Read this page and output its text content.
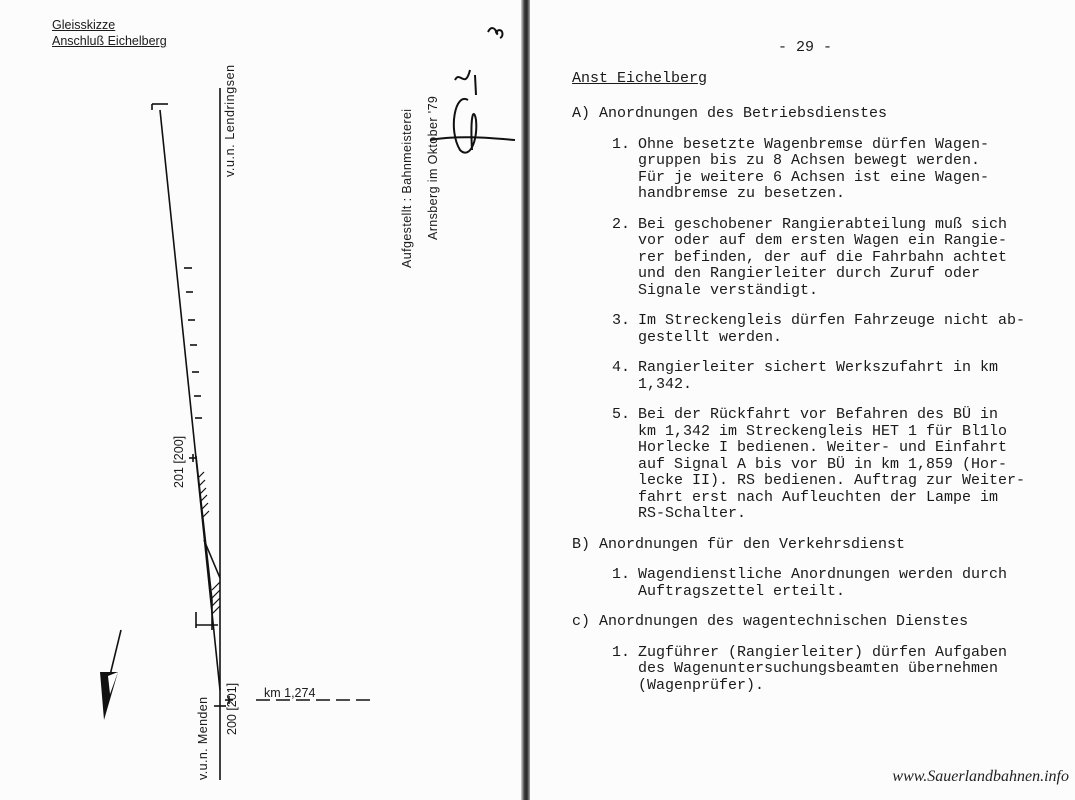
Gleisskizze
Anschluß Eichelberg
v.u.n. Lendringsen
v.u.n. Menden
201 [200]
200 [201] km 1,274
Aufgestellt : Bahnmeisterei Arnsberg im Oktober '79
- 29 -
Anst Eichelberg
A) Anordnungen des Betriebsdienstes
1. Ohne besetzte Wagenbremse dürfen Wagen-
gruppen bis zu 8 Achsen bewegt werden.
Für je weitere 6 Achsen ist eine Wagen-
handbremse zu besetzen.
2. Bei geschobener Rangierabteilung muß sich
vor oder auf dem ersten Wagen ein Rangie-
rer befinden, der auf die Fahrbahn achtet
und den Rangierleiter durch Zuruf oder
Signale verständigt.
3. Im Streckengleis dürfen Fahrzeuge nicht ab-
gestellt werden.
4. Rangierleiter sichert Werkszufahrt in km
1,342.
5. Bei der Rückfahrt vor Befahren des BÜ in
km 1,342 im Streckengleis HET 1 für Bl1lo
Horlecke I bedienen. Weiter- und Einfahrt
auf Signal A bis vor BÜ in km 1,859 (Hor-
lecke II). RS bedienen. Auftrag zur Weiter-
fahrt erst nach Aufleuchten der Lampe im
RS-Schalter.
B) Anordnungen für den Verkehrsdienst
1. Wagendienstliche Anordnungen werden durch
Auftragszettel erteilt.
c) Anordnungen des wagentechnischen Dienstes
1. Zugführer (Rangierleiter) dürfen Aufgaben
des Wagenuntersuchungsbeamten übernehmen
(Wagenprüfer).
www.Sauerlandbahnen.info
